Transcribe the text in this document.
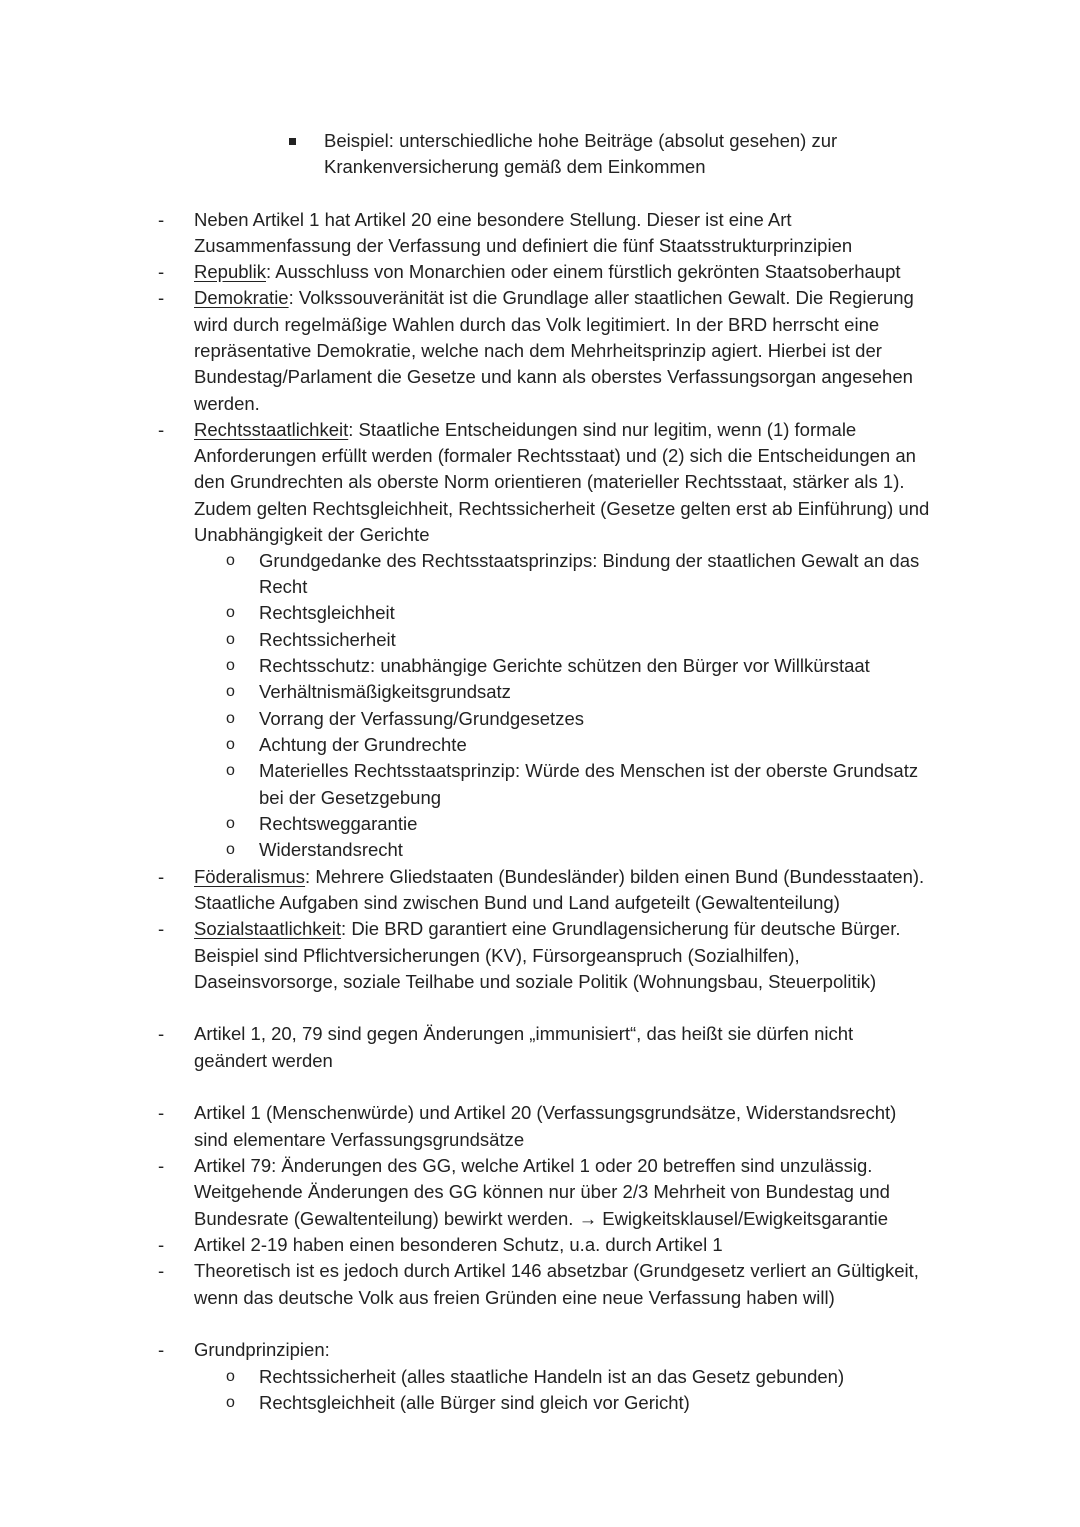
Beispiel: unterschiedliche hohe Beiträge (absolut gesehen) zur
Krankenversicherung gemäß dem Einkommen
- Neben Artikel 1 hat Artikel 20 eine besondere Stellung. Dieser ist eine Art
Zusammenfassung der Verfassung und definiert die fünf Staatsstrukturprinzipien
- Republik: Ausschluss von Monarchien oder einem fürstlich gekrönten Staatsoberhaupt
- Demokratie: Volkssouveränität ist die Grundlage aller staatlichen Gewalt. Die Regierung
wird durch regelmäßige Wahlen durch das Volk legitimiert. In der BRD herrscht eine
repräsentative Demokratie, welche nach dem Mehrheitsprinzip agiert. Hierbei ist der
Bundestag/Parlament die Gesetze und kann als oberstes Verfassungsorgan angesehen
werden.
- Rechtsstaatlichkeit: Staatliche Entscheidungen sind nur legitim, wenn (1) formale
Anforderungen erfüllt werden (formaler Rechtsstaat) und (2) sich die Entscheidungen an
den Grundrechten als oberste Norm orientieren (materieller Rechtsstaat, stärker als 1).
Zudem gelten Rechtsgleichheit, Rechtssicherheit (Gesetze gelten erst ab Einführung) und
Unabhängigkeit der Gerichte
o Grundgedanke des Rechtsstaatsprinzips: Bindung der staatlichen Gewalt an das
Recht
o Rechtsgleichheit
o Rechtssicherheit
o Rechtsschutz: unabhängige Gerichte schützen den Bürger vor Willkürstaat
o Verhältnismäßigkeitsgrundsatz
o Vorrang der Verfassung/Grundgesetzes
o Achtung der Grundrechte
o Materielles Rechtsstaatsprinzip: Würde des Menschen ist der oberste Grundsatz
bei der Gesetzgebung
o Rechtsweggarantie
o Widerstandsrecht
- Föderalismus: Mehrere Gliedstaaten (Bundesländer) bilden einen Bund (Bundesstaaten).
Staatliche Aufgaben sind zwischen Bund und Land aufgeteilt (Gewaltenteilung)
- Sozialstaatlichkeit: Die BRD garantiert eine Grundlagensicherung für deutsche Bürger.
Beispiel sind Pflichtversicherungen (KV), Fürsorgeanspruch (Sozialhilfen),
Daseinsvorsorge, soziale Teilhabe und soziale Politik (Wohnungsbau, Steuerpolitik)
- Artikel 1, 20, 79 sind gegen Änderungen „immunisiert“, das heißt sie dürfen nicht
geändert werden
- Artikel 1 (Menschenwürde) und Artikel 20 (Verfassungsgrundsätze, Widerstandsrecht)
sind elementare Verfassungsgrundsätze
- Artikel 79: Änderungen des GG, welche Artikel 1 oder 20 betreffen sind unzulässig.
Weitgehende Änderungen des GG können nur über 2/3 Mehrheit von Bundestag und
Bundesrate (Gewaltenteilung) bewirkt werden. → Ewigkeitsklausel/Ewigkeitsgarantie
- Artikel 2-19 haben einen besonderen Schutz, u.a. durch Artikel 1
- Theoretisch ist es jedoch durch Artikel 146 absetzbar (Grundgesetz verliert an Gültigkeit,
wenn das deutsche Volk aus freien Gründen eine neue Verfassung haben will)
- Grundprinzipien:
o Rechtssicherheit (alles staatliche Handeln ist an das Gesetz gebunden)
o Rechtsgleichheit (alle Bürger sind gleich vor Gericht)
